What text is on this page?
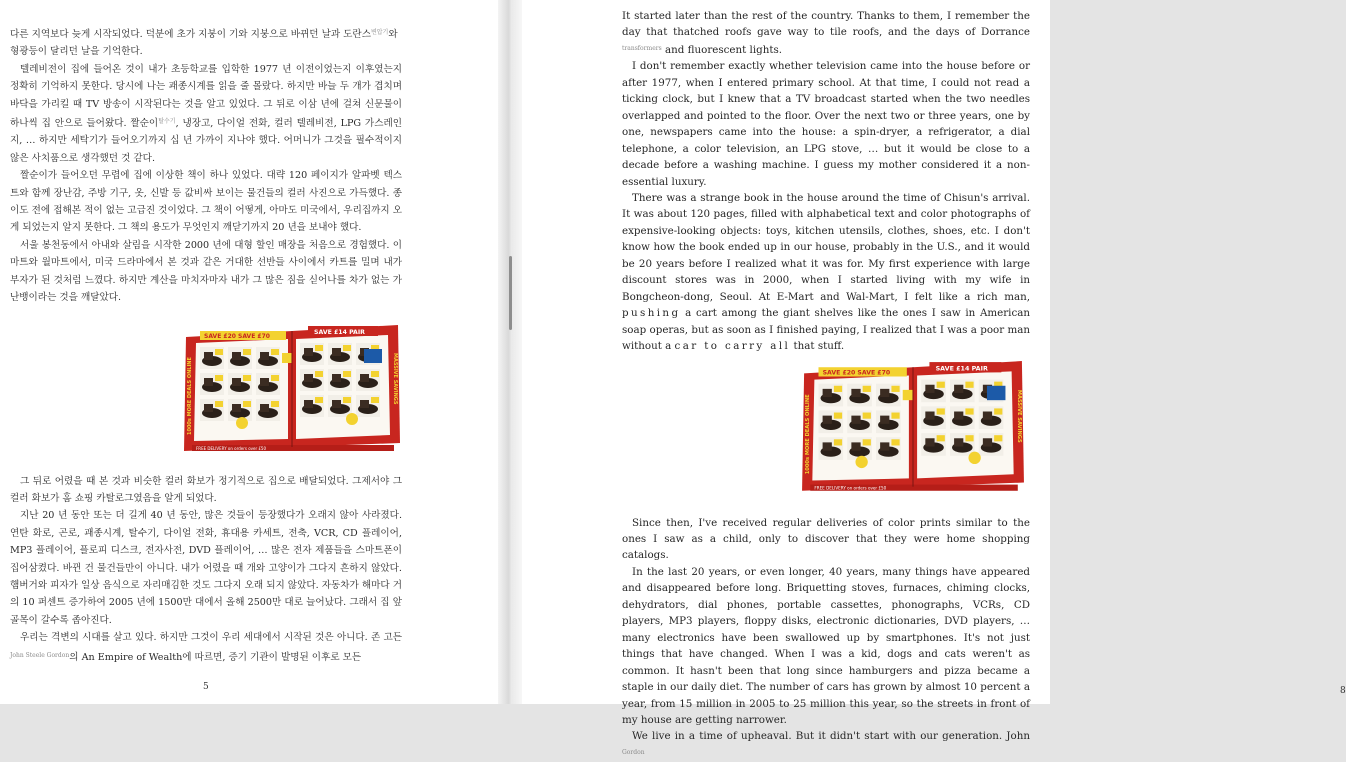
다른 지역보다 늦게 시작되었다. 덕분에 초가 지붕이 기와 지붕으로 바뀌던 날과 도란스$^{변압기}$와

형광등이 달리던 날을 기억한다.

텔레비전이 집에 들어온 것이 내가 초등학교를 입학한 1977 년 이전이었는지 이후였는지 정확히 기억하지 못한다. 당시에 나는 괘종시계를 읽을 줄 몰랐다. 하지만 바늘 두 개가 겹치며 바닥을 가리킬 때 TV 방송이 시작된다는 것을 알고 있었다. 그 뒤로 이삼 년에 걸쳐 신문물이 하나씩 집 안으로 들어왔다. 짤순이$^{탈수기}$, 냉장고, 다이얼 전화, 컬러 텔레비전, LPG 가스레인지, … 하지만 세탁기가 들어오기까지 십 년 가까이 지나야 했다. 어머니가 그것을 필수적이지 않은 사치품으로 생각했던 것 같다.

짤순이가 들어오던 무렵에 집에 이상한 책이 하나 있었다. 대략 120 페이지가 알파벳 텍스트와 함께 장난감, 주방 기구, 옷, 신발 등 값비싸 보이는 물건들의 컬러 사진으로 가득했다. 종이도 전에 접해본 적이 없는 고급진 것이었다. 그 책이 어떻게, 아마도 미국에서, 우리집까지 오게 되었는지 알지 못한다. 그 책의 용도가 무엇인지 깨닫기까지 20 년을 보내야 했다.

서울 봉천동에서 아내와 살림을 시작한 2000 년에 대형 할인 매장을 처음으로 경험했다. 이마트와 월마트에서, 미국 드라마에서 본 것과 같은 거대한 선반들 사이에서 카트를 밀며 내가 부자가 된 것처럼 느꼈다. 하지만 계산을 마치자마자 내가 그 많은 짐을 싣어나를 차가 없는 가난뱅이라는 것을 깨달았다.

SAVE £20 SAVE £70
SAVE £14 PAIR
1000s MORE DEALS ONLINE	MASSIVE SAVINGS
FREE DELIVERY on orders over £50

그 뒤로 어렸을 때 본 것과 비슷한 컬러 화보가 정기적으로 집으로 배달되었다. 그제서야 그 컬러 화보가 홈 쇼핑 카탈로그였음을 알게 되었다.

지난 20 년 동안 또는 더 길게 40 년 동안, 많은 것들이 등장했다가 오래지 않아 사라졌다. 연탄 화로, 곤로, 괘종시계, 탈수기, 다이얼 전화, 휴대용 카세트, 전축, VCR, CD 플레이어, MP3 플레이어, 플로피 디스크, 전자사전, DVD 플레이어, … 많은 전자 제품들을 스마트폰이 집어삼켰다. 바뀐 건 물건들만이 아니다. 내가 어렸을 때 개와 고양이가 그다지 흔하지 않았다. 햄버거와 피자가 일상 음식으로 자리매김한 것도 그다지 오래 되지 않았다. 자동차가 해마다 거의 10 퍼센트 증가하여 2005 년에 1500만 대에서 올해 2500만 대로 늘어났다. 그래서 집 앞 골목이 갈수록 좁아진다.

우리는 격변의 시대를 살고 있다. 하지만 그것이 우리 세대에서 시작된 것은 아니다. 존 고든$^{John Steele Gordon}$의 An Empire of Wealth에 따르면, 증기 기관이 발명된 이후로 모든

5

It started later than the rest of the country. Thanks to them, I remember the day that thatched roofs gave way to tile roofs, and the days of Dorrance $^{transformers}$ and fluorescent lights.

I don't remember exactly whether television came into the house before or after 1977, when I entered primary school. At that time, I could not read a ticking clock, but I knew that a TV broadcast started when the two needles overlapped and pointed to the floor. Over the next two or three years, one by one, newspapers came into the house: a spin-dryer, a refrigerator, a dial telephone, a color television, an LPG stove, … but it would be close to a decade before a washing machine. I guess my mother considered it a non-essential luxury.

There was a strange book in the house around the time of Chisun's arrival. It was about 120 pages, filled with alphabetical text and color photographs of expensive-looking objects: toys, kitchen utensils, clothes, shoes, etc. I don't know how the book ended up in our house, probably in the U.S., and it would be 20 years before I realized what it was for. My first experience with large discount stores was in 2000, when I started living with my wife in Bongcheon-dong, Seoul. At E-Mart and Wal-Mart, I felt like a rich man, pushing a cart among the giant shelves like the ones I saw in American soap operas, but as soon as I finished paying, I realized that I was a poor man without a car to carry all that stuff.

SAVE £20 SAVE £70
SAVE £14 PAIR
1000s MORE DEALS ONLINE	MASSIVE SAVINGS
FREE DELIVERY on orders over £50

Since then, I've received regular deliveries of color prints similar to the ones I saw as a child, only to discover that they were home shopping catalogs.

In the last 20 years, or even longer, 40 years, many things have appeared and disappeared before long. Briquetting stoves, furnaces, chiming clocks, dehydrators, dial phones, portable cassettes, phonographs, VCRs, CD players, MP3 players, floppy disks, electronic dictionaries, DVD players, … many electronics have been swallowed up by smartphones. It's not just things that have changed. When I was a kid, dogs and cats weren't as common. It hasn't been that long since hamburgers and pizza became a staple in our daily diet. The number of cars has grown by almost 10 percent a year, from 15 million in 2005 to 25 million this year, so the streets in front of my house are getting narrower.

We live in a time of upheaval. But it didn't start with our generation. John $^{Gordon}$

8
